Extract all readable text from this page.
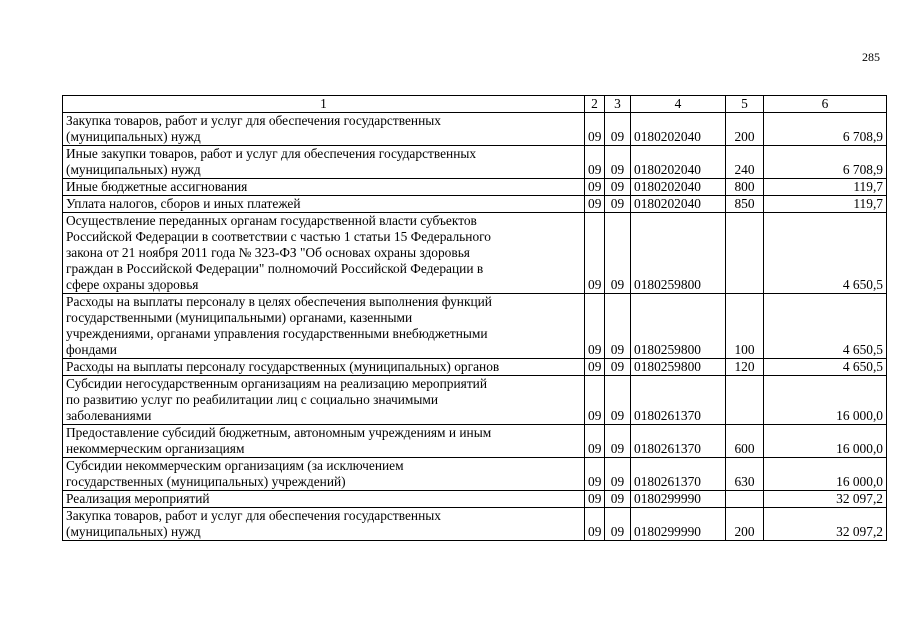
285
1	2	3	4	5	6

Закупка товаров, работ и услуг для обеспечения государственных
(муниципальных) нужд	09	09	0180202040	200	6 708,9

Иные закупки товаров, работ и услуг для обеспечения государственных
(муниципальных) нужд	09	09	0180202040	240	6 708,9

Иные бюджетные ассигнования	09	09	0180202040	800	119,7

Уплата налогов, сборов и иных платежей	09	09	0180202040	850	119,7

Осуществление переданных органам государственной власти субъектов
Российской Федерации в соответствии с частью 1 статьи 15 Федерального
закона от 21 ноября 2011 года № 323-ФЗ "Об основах охраны здоровья
граждан в Российской Федерации" полномочий Российской Федерации в
сфере охраны здоровья	09	09	0180259800		4 650,5

Расходы на выплаты персоналу в целях обеспечения выполнения функций
государственными (муниципальными) органами, казенными
учреждениями, органами управления государственными внебюджетными
фондами	09	09	0180259800	100	4 650,5

Расходы на выплаты персоналу государственных (муниципальных) органов	09	09	0180259800	120	4 650,5

Субсидии негосударственным организациям на реализацию мероприятий
по развитию услуг по реабилитации лиц с социально значимыми
заболеваниями	09	09	0180261370		16 000,0

Предоставление субсидий бюджетным, автономным учреждениям и иным
некоммерческим организациям	09	09	0180261370	600	16 000,0

Субсидии некоммерческим организациям (за исключением
государственных (муниципальных) учреждений)	09	09	0180261370	630	16 000,0

Реализация мероприятий	09	09	0180299990		32 097,2

Закупка товаров, работ и услуг для обеспечения государственных
(муниципальных) нужд	09	09	0180299990	200	32 097,2
